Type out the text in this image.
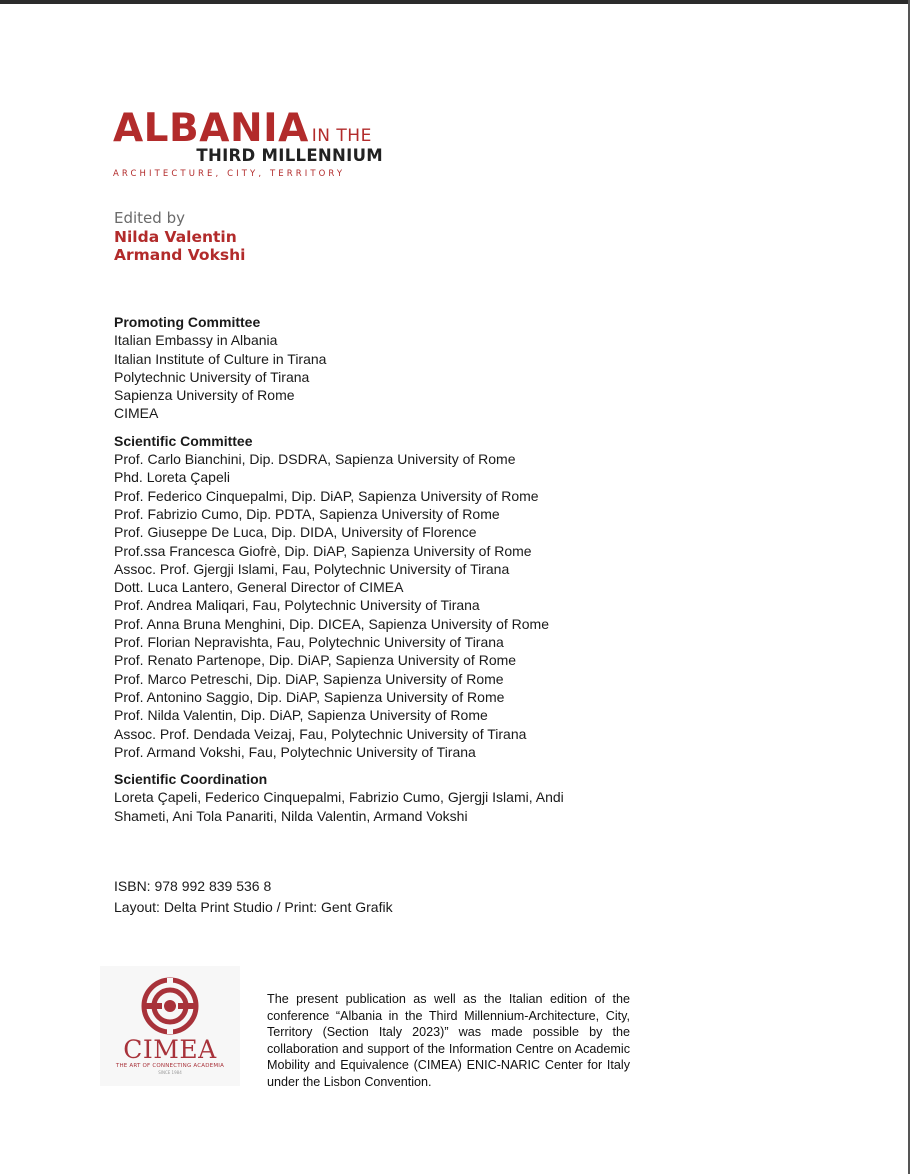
ALBANIA IN THE
THIRD MILLENNIUM
ARCHITECTURE, CITY, TERRITORY
Edited by
Nilda Valentin
Armand Vokshi
Promoting Committee
Italian Embassy in Albania
Italian Institute of Culture in Tirana
Polytechnic University of Tirana
Sapienza University of Rome
CIMEA
Scientific Committee
Prof. Carlo Bianchini, Dip. DSDRA, Sapienza University of Rome
Phd. Loreta Çapeli
Prof. Federico Cinquepalmi, Dip. DiAP, Sapienza University of Rome
Prof. Fabrizio Cumo, Dip. PDTA, Sapienza University of Rome
Prof. Giuseppe De Luca, Dip. DIDA, University of Florence
Prof.ssa Francesca Giofrè, Dip. DiAP, Sapienza University of Rome
Assoc. Prof. Gjergji Islami, Fau, Polytechnic University of Tirana
Dott. Luca Lantero, General Director of CIMEA
Prof. Andrea Maliqari, Fau, Polytechnic University of Tirana
Prof. Anna Bruna Menghini, Dip. DICEA, Sapienza University of Rome
Prof. Florian Nepravishta, Fau, Polytechnic University of Tirana
Prof. Renato Partenope, Dip. DiAP, Sapienza University of Rome
Prof. Marco Petreschi, Dip. DiAP, Sapienza University of Rome
Prof. Antonino Saggio, Dip. DiAP, Sapienza University of Rome
Prof. Nilda Valentin, Dip. DiAP, Sapienza University of Rome
Assoc. Prof. Dendada Veizaj, Fau, Polytechnic University of Tirana
Prof. Armand Vokshi, Fau, Polytechnic University of Tirana
Scientific Coordination
Loreta Çapeli, Federico Cinquepalmi, Fabrizio Cumo, Gjergji Islami, Andi Shameti, Ani Tola Panariti, Nilda Valentin, Armand Vokshi
ISBN: 978 992 839 536 8
Layout: Delta Print Studio / Print: Gent Grafik
CIMEA
THE ART OF CONNECTING ACADEMIA
SINCE 1984
The present publication as well as the Italian edition of the conference “Albania in the Third Millennium-Architecture, City, Territory (Section Italy 2023)” was made possible by the collaboration and support of the Information Centre on Academic Mobility and Equivalence (CIMEA) ENIC-NARIC Center for Italy under the Lisbon Convention.
